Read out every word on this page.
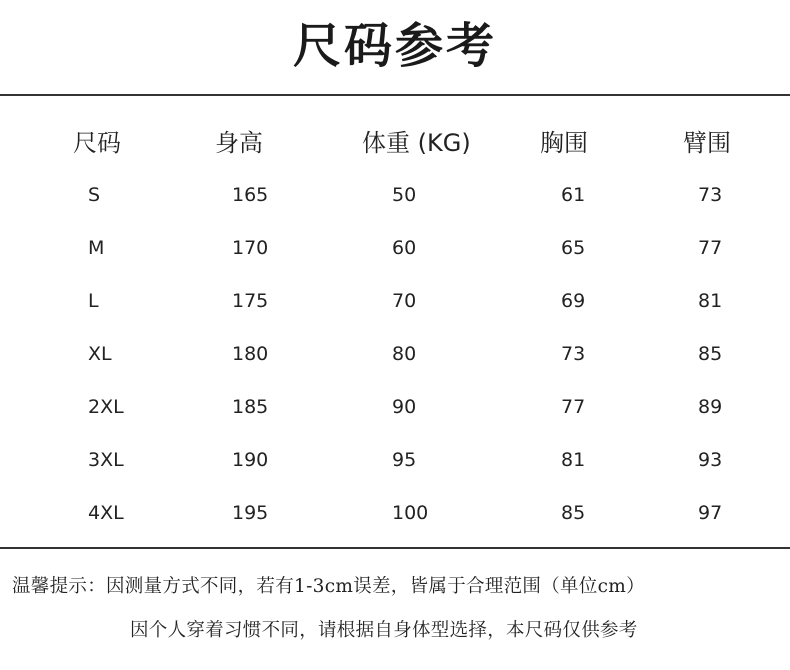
尺码参考
尺码	身高	体重 (KG)	胸围	臂围
S	165	50	61	73
M	170	60	65	77
L	175	70	69	81
XL	180	80	73	85
2XL	185	90	77	89
3XL	190	95	81	93
4XL	195	100	85	97
温馨提示：因测量方式不同，若有1-3cm误差，皆属于合理范围（单位cm）
因个人穿着习惯不同，请根据自身体型选择，本尺码仅供参考
